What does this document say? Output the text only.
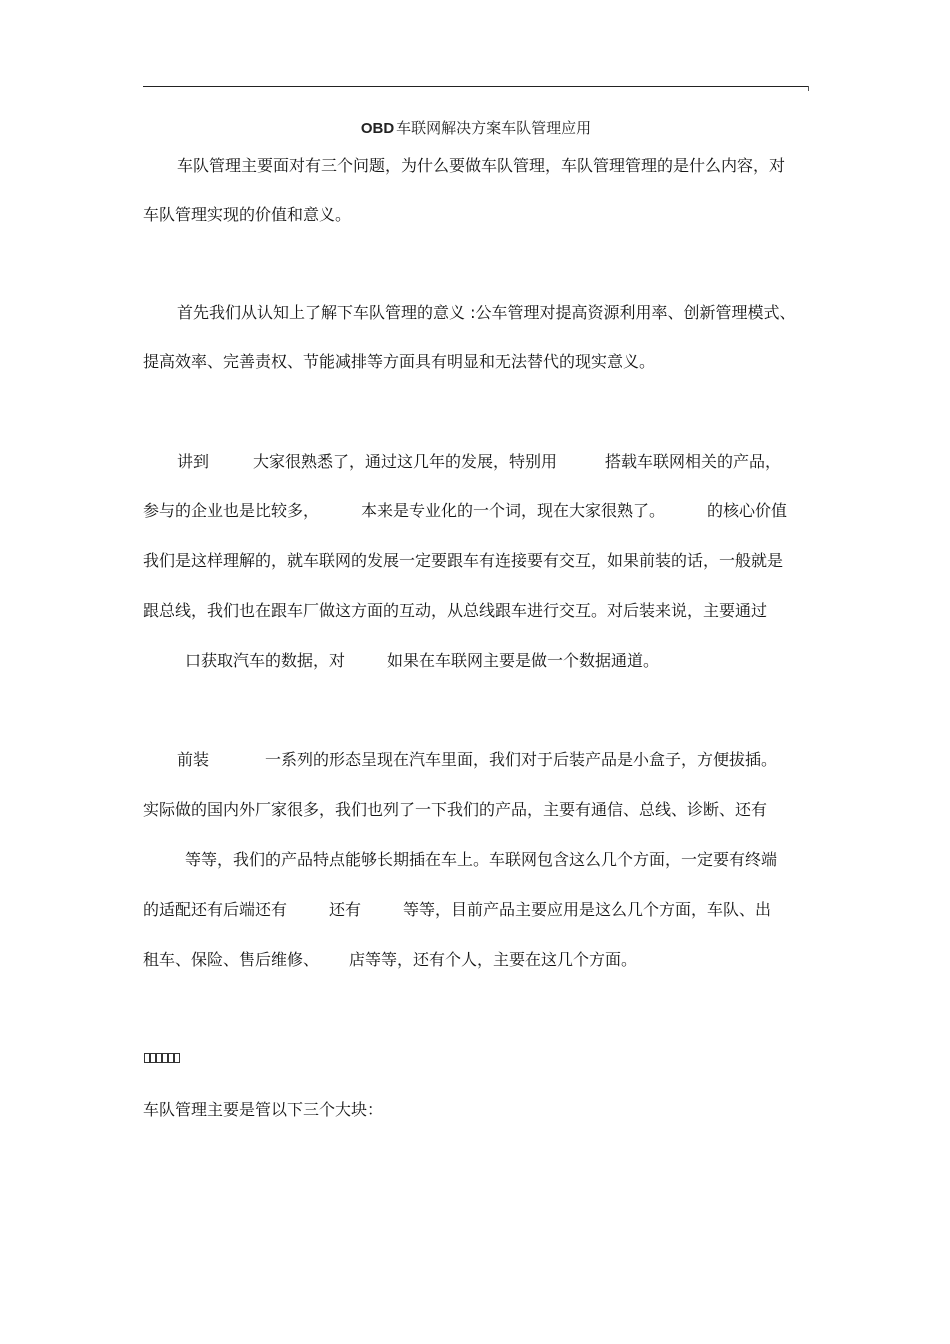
OBD 车联网解决方案车队管理应用
车队管理主要面对有三个问题，为什么要做车队管理，车队管理管理的是什么内容，对
车队管理实现的价值和意义。
首先我们从认知上了解下车队管理的意义 :公车管理对提高资源利用率、创新管理模式、
提高效率、完善责权、节能减排等方面具有明显和无法替代的现实意义。
讲到	大家很熟悉了，通过这几年的发展，特别用	搭载车联网相关的产品，
参与的企业也是比较多，	本来是专业化的一个词，现在大家很熟了。	的核心价值
我们是这样理解的，就车联网的发展一定要跟车有连接要有交互，如果前装的话，一般就是
跟总线，我们也在跟车厂做这方面的互动，从总线跟车进行交互。对后装来说，主要通过
口获取汽车的数据，对	如果在车联网主要是做一个数据通道。
前装	一系列的形态呈现在汽车里面，我们对于后装产品是小盒子，方便拔插。
实际做的国内外厂家很多，我们也列了一下我们的产品，主要有通信、总线、诊断、还有
等等，我们的产品特点能够长期插在车上。车联网包含这么几个方面，一定要有终端
的适配还有后端还有	还有	等等，目前产品主要应用是这么几个方面，车队、出
租车、保险、售后维修、 店等等，还有个人，主要在这几个方面。
车队管理主要是管以下三个大块：
